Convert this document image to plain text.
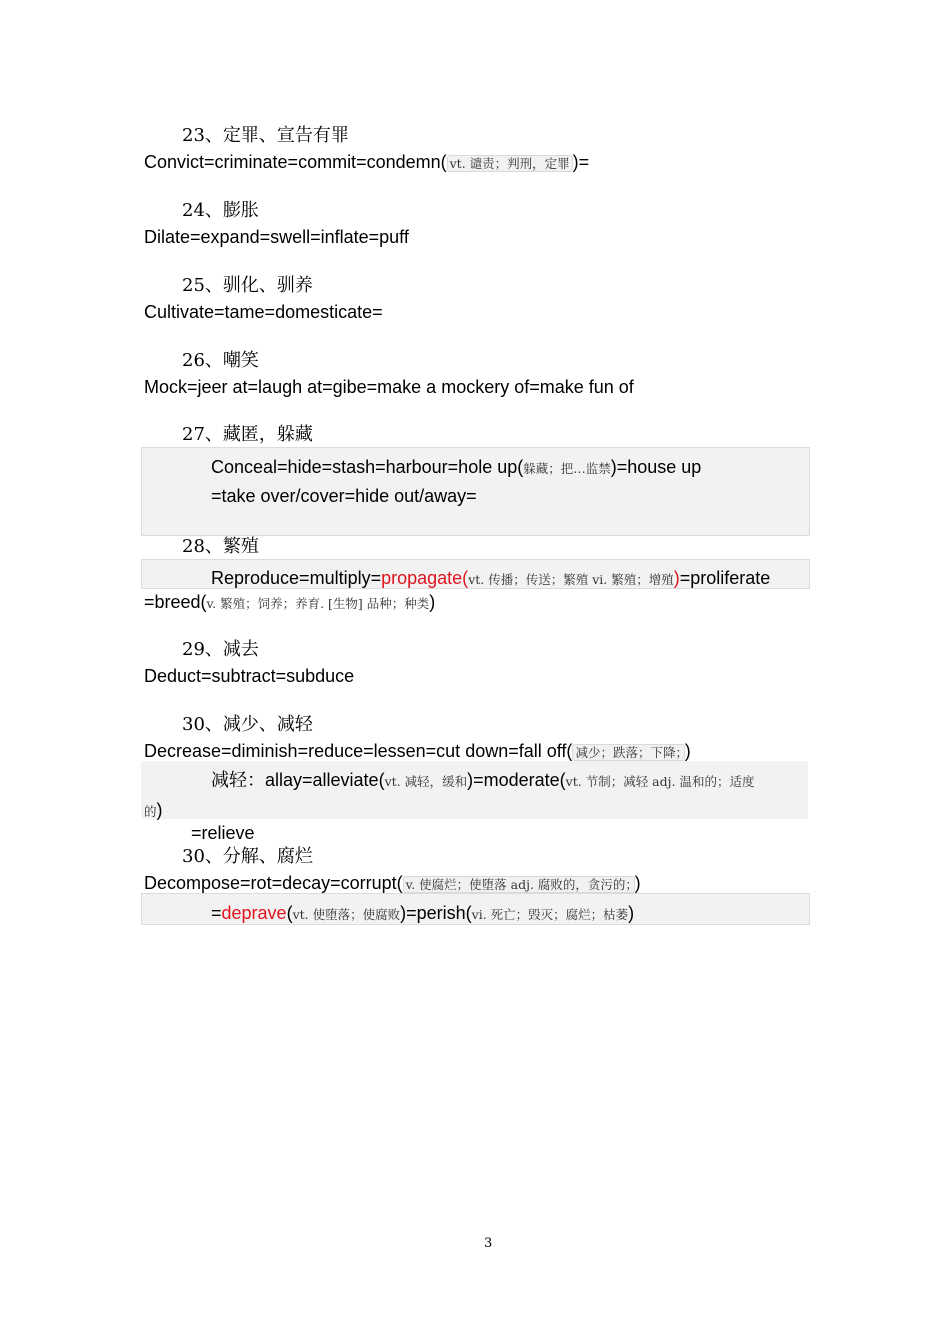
23、定罪、宣告有罪
Convict=criminate=commit=condemn( vt. 谴责；判刑，定罪 )=
24、膨胀
Dilate=expand=swell=inflate=puff
25、驯化、驯养
Cultivate=tame=domesticate=
26、嘲笑
Mock=jeer at=laugh at=gibe=make a mockery of=make fun of
27、藏匿，躲藏
Conceal=hide=stash=harbour=hole up(躲藏；把…监禁)=house up
=take over/cover=hide out/away=
28、繁殖
Reproduce=multiply=propagate(vt. 传播；传送；繁殖 vi. 繁殖；增殖)=proliferate
=breed(v. 繁殖；饲养；养育. [生物] 品种；种类)
29、减去
Deduct=subtract=subduce
30、减少、减轻
Decrease=diminish=reduce=lessen=cut down=fall off( 减少；跌落；下降； )
减轻：allay=alleviate(vt. 减轻，缓和)=moderate(vt. 节制；减轻 adj. 温和的；适度
的)
=relieve
30、分解、腐烂
Decompose=rot=decay=corrupt( v. 使腐烂；使堕落 adj. 腐败的，贪污的； )
=deprave(vt. 使堕落；使腐败)=perish(vi. 死亡；毁灭；腐烂；枯萎)
3
